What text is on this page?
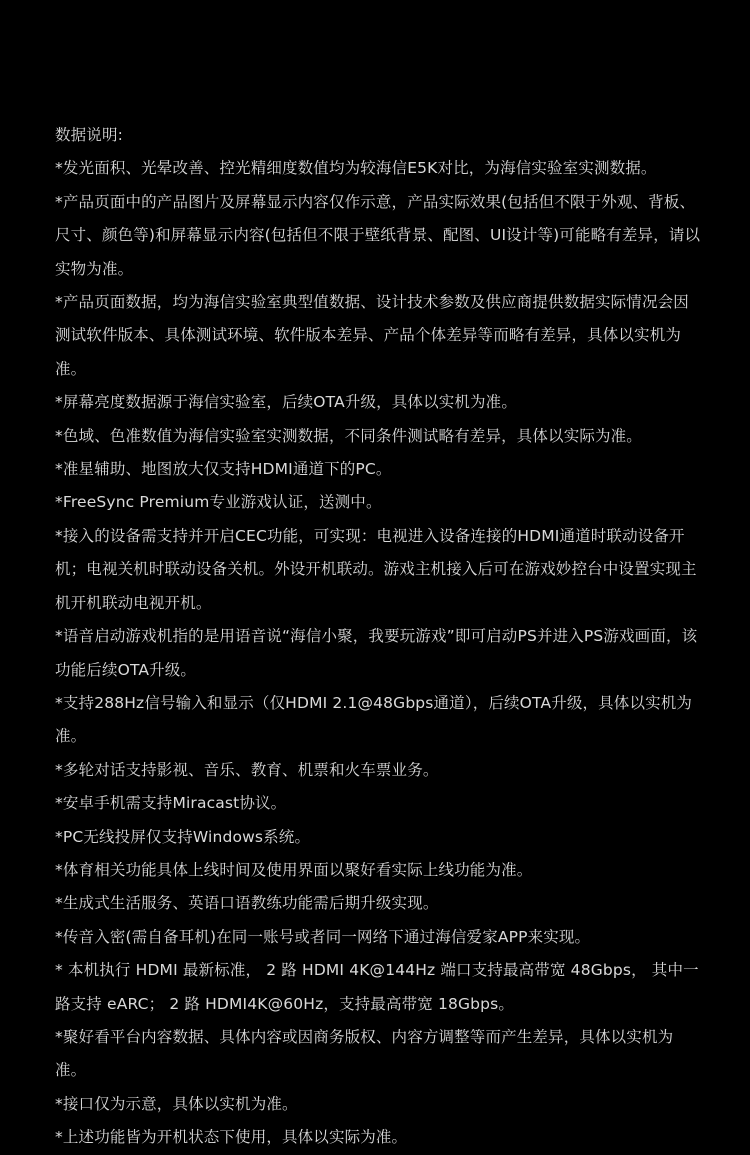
数据说明:

*发光面积、光晕改善、控光精细度数值均为较海信E5K对比，为海信实验室实测数据。

*产品页面中的产品图片及屏幕显示内容仅作示意，产品实际效果(包括但不限于外观、背板、尺寸、颜色等)和屏幕显示内容(包括但不限于壁纸背景、配图、UI设计等)可能略有差异，请以实物为准。

*产品页面数据，均为海信实验室典型值数据、设计技术参数及供应商提供数据实际情况会因测试软件版本、具体测试环境、软件版本差异、产品个体差异等而略有差异，具体以实机为准。

*屏幕亮度数据源于海信实验室，后续OTA升级，具体以实机为准。

*色域、色准数值为海信实验室实测数据，不同条件测试略有差异，具体以实际为准。

*准星辅助、地图放大仅支持HDMI通道下的PC。

*FreeSync Premium专业游戏认证，送测中。

*接入的设备需支持并开启CEC功能，可实现：电视进入设备连接的HDMI通道时联动设备开机；电视关机时联动设备关机。外设开机联动。游戏主机接入后可在游戏妙控台中设置实现主机开机联动电视开机。

*语音启动游戏机指的是用语音说“海信小聚，我要玩游戏”即可启动PS并进入PS游戏画面，该功能后续OTA升级。

*支持288Hz信号输入和显示（仅HDMI 2.1@48Gbps通道），后续OTA升级，具体以实机为准。

*多轮对话支持影视、音乐、教育、机票和火车票业务。

*安卓手机需支持Miracast协议。

*PC无线投屏仅支持Windows系统。

*体育相关功能具体上线时间及使用界面以聚好看实际上线功能为准。

*生成式生活服务、英语口语教练功能需后期升级实现。

*传音入密(需自备耳机)在同一账号或者同一网络下通过海信爱家APP来实现。

* 本机执行 HDMI 最新标准， 2 路 HDMI 4K@144Hz 端口支持最高带宽 48Gbps， 其中一路支持 eARC； 2 路 HDMI4K@60Hz，支持最高带宽 18Gbps。

*聚好看平台内容数据、具体内容或因商务版权、内容方调整等而产生差异，具体以实机为准。

*接口仅为示意，具体以实机为准。

*上述功能皆为开机状态下使用，具体以实际为准。
